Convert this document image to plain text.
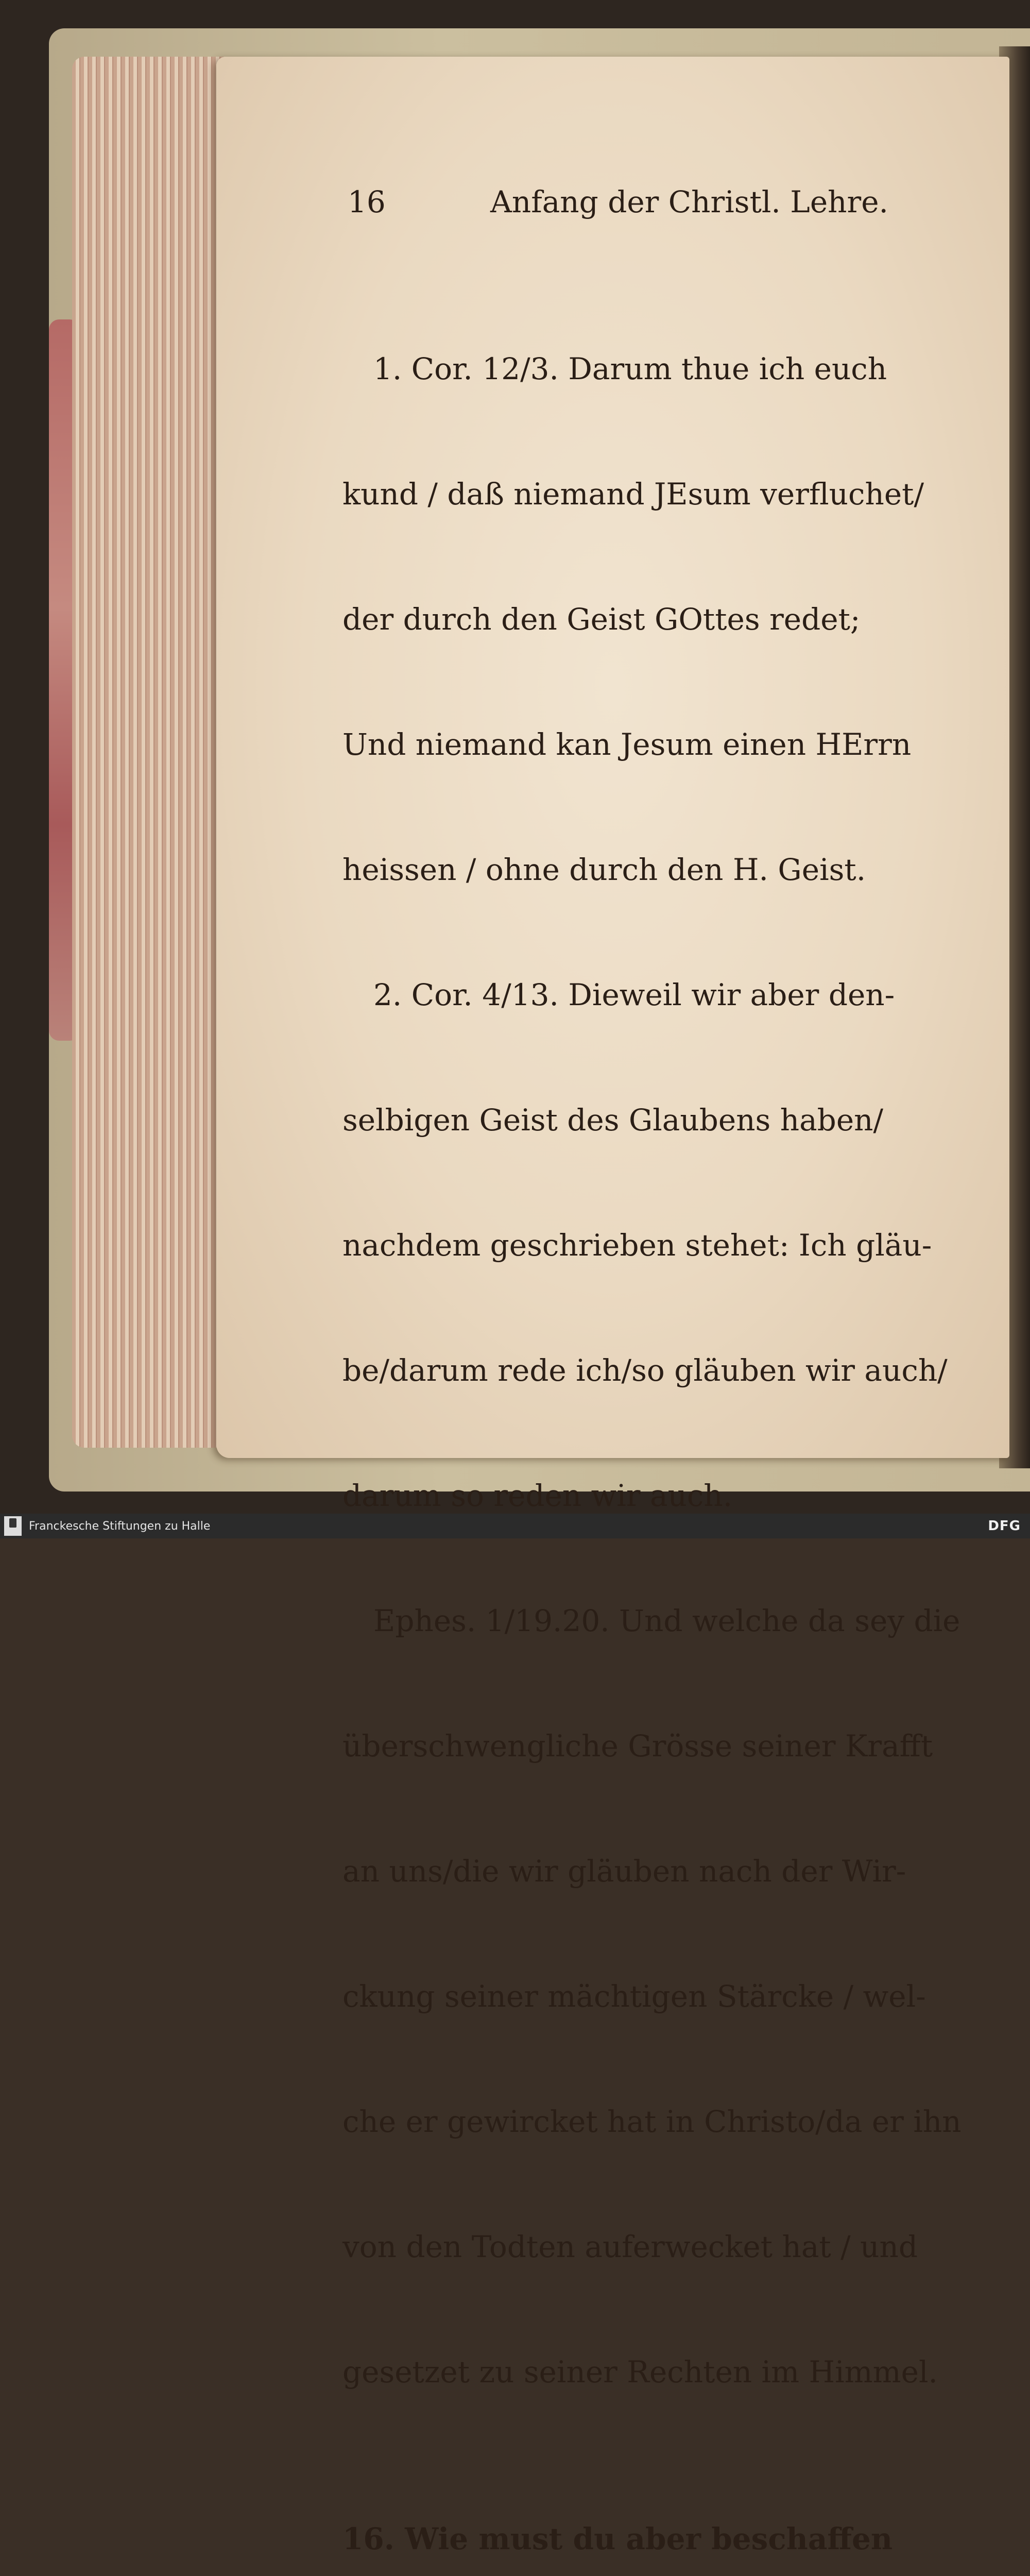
16	Anfang der Christl. Lehre.

1. Cor. 12/3. Darum thue ich euch

kund / daß niemand JEsum verfluchet/

der durch den Geist GOttes redet;

Und niemand kan Jesum einen HErrn

heissen / ohne durch den H. Geist.

2. Cor. 4/13. Dieweil wir aber den-

selbigen Geist des Glaubens haben/

nachdem geschrieben stehet: Ich gläu-

be/darum rede ich/so gläuben wir auch/

darum so reden wir auch.

Ephes. 1/19.20. Und welche da sey die

überschwengliche Grösse seiner Krafft

an uns/die wir gläuben nach der Wir-

ckung seiner mächtigen Stärcke / wel-

che er gewircket hat in Christo/da er ihn

von den Todten auferwecket hat / und

gesetzet zu seiner Rechten im Himmel.

16. Wie must du aber beschaffen

Franckesche Stiftungen zu Halle	DFG
